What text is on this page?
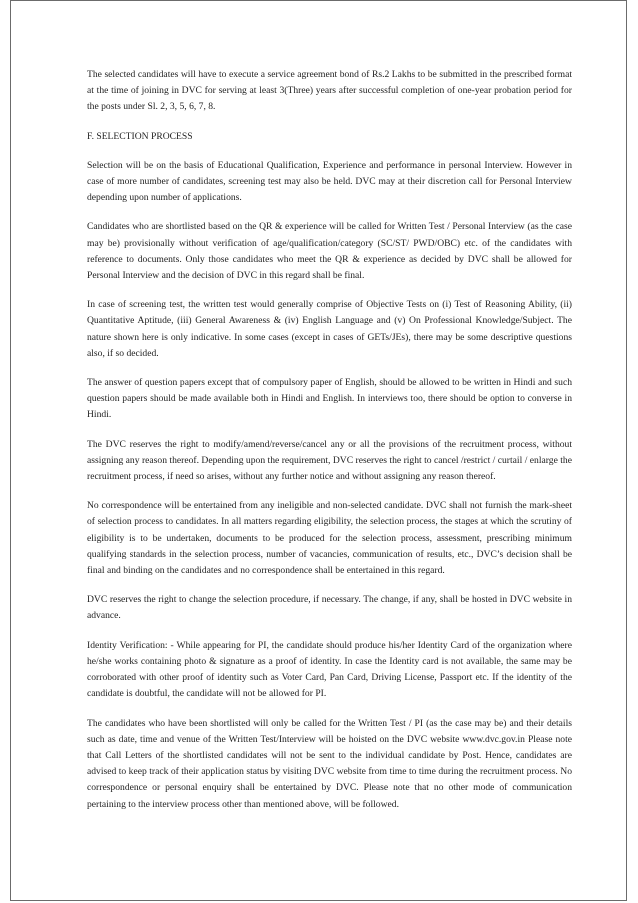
The selected candidates will have to execute a service agreement bond of Rs.2 Lakhs to be submitted in the prescribed format at the time of joining in DVC for serving at least 3(Three) years after successful completion of one-year probation period for the posts under Sl. 2, 3, 5, 6, 7, 8.

F. SELECTION PROCESS

Selection will be on the basis of Educational Qualification, Experience and performance in personal Interview. However in case of more number of candidates, screening test may also be held. DVC may at their discretion call for Personal Interview depending upon number of applications.

Candidates who are shortlisted based on the QR & experience will be called for Written Test / Personal Interview (as the case may be) provisionally without verification of age/qualification/category (SC/ST/ PWD/OBC) etc. of the candidates with reference to documents. Only those candidates who meet the QR & experience as decided by DVC shall be allowed for Personal Interview and the decision of DVC in this regard shall be final.

In case of screening test, the written test would generally comprise of Objective Tests on (i) Test of Reasoning Ability, (ii) Quantitative Aptitude, (iii) General Awareness & (iv) English Language and (v) On Professional Knowledge/Subject. The nature shown here is only indicative. In some cases (except in cases of GETs/JEs), there may be some descriptive questions also, if so decided.

The answer of question papers except that of compulsory paper of English, should be allowed to be written in Hindi and such question papers should be made available both in Hindi and English. In interviews too, there should be option to converse in Hindi.

The DVC reserves the right to modify/amend/reverse/cancel any or all the provisions of the recruitment process, without assigning any reason thereof. Depending upon the requirement, DVC reserves the right to cancel /restrict / curtail / enlarge the recruitment process, if need so arises, without any further notice and without assigning any reason thereof.

No correspondence will be entertained from any ineligible and non-selected candidate. DVC shall not furnish the mark-sheet of selection process to candidates. In all matters regarding eligibility, the selection process, the stages at which the scrutiny of eligibility is to be undertaken, documents to be produced for the selection process, assessment, prescribing minimum qualifying standards in the selection process, number of vacancies, communication of results, etc., DVC’s decision shall be final and binding on the candidates and no correspondence shall be entertained in this regard.

DVC reserves the right to change the selection procedure, if necessary. The change, if any, shall be hosted in DVC website in advance.

Identity Verification: - While appearing for PI, the candidate should produce his/her Identity Card of the organization where he/she works containing photo & signature as a proof of identity. In case the Identity card is not available, the same may be corroborated with other proof of identity such as Voter Card, Pan Card, Driving License, Passport etc. If the identity of the candidate is doubtful, the candidate will not be allowed for PI.

The candidates who have been shortlisted will only be called for the Written Test / PI (as the case may be) and their details such as date, time and venue of the Written Test/Interview will be hoisted on the DVC website www.dvc.gov.in Please note that Call Letters of the shortlisted candidates will not be sent to the individual candidate by Post. Hence, candidates are advised to keep track of their application status by visiting DVC website from time to time during the recruitment process. No correspondence or personal enquiry shall be entertained by DVC. Please note that no other mode of communication pertaining to the interview process other than mentioned above, will be followed.
